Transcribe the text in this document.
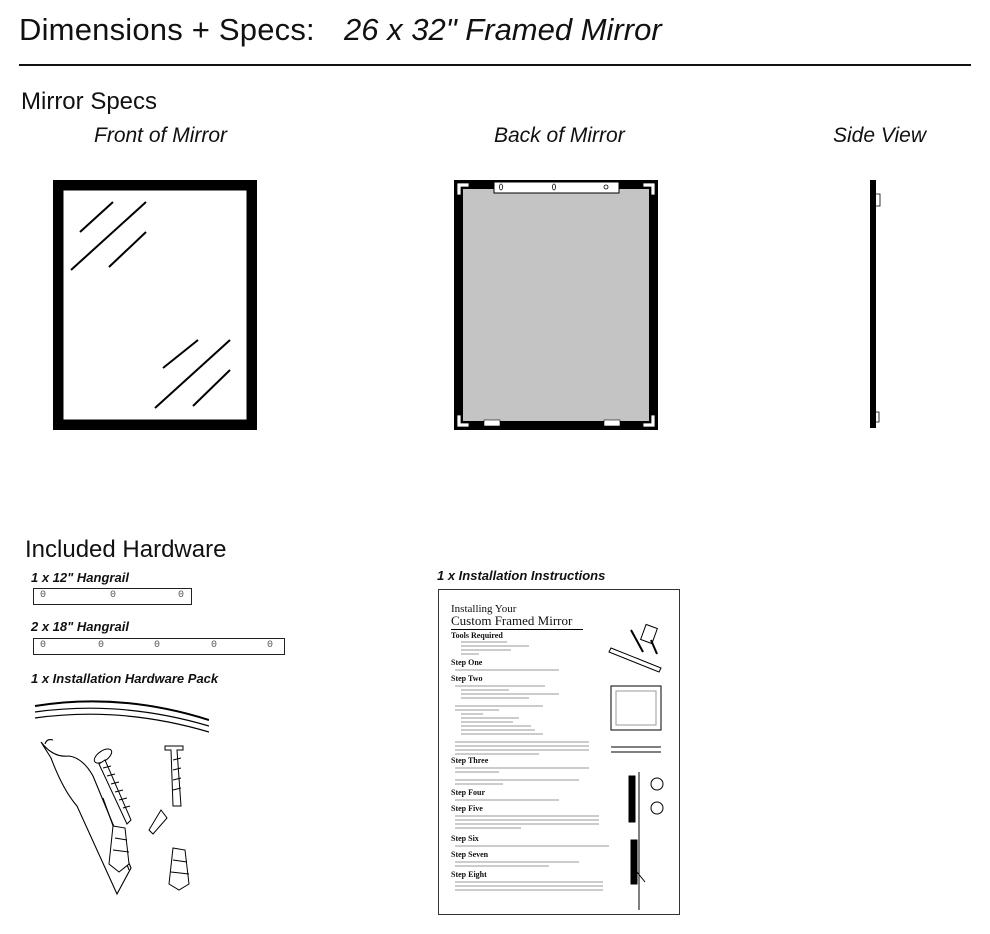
Dimensions + Specs: 26 x 32" Framed Mirror
Mirror Specs
Front of Mirror	Back of Mirror	Side View
Included Hardware
1 x 12" Hangrail
0	0	0
2 x 18" Hangrail
0	0	0	0	0
1 x Installation Hardware Pack
1 x Installation Instructions
Installing Your
Custom Framed Mirror
Tools Required
Step One
Step Two
Step Three
Step Four
Step Five
Step Six
Step Seven
Step Eight
